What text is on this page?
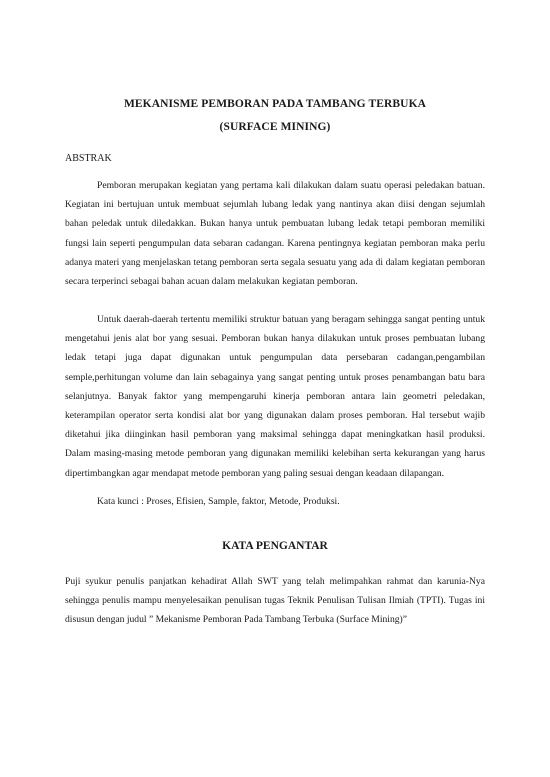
MEKANISME PEMBORAN PADA TAMBANG TERBUKA
(SURFACE MINING)
ABSTRAK

Pemboran merupakan kegiatan yang pertama kali dilakukan dalam suatu operasi peledakan batuan. Kegiatan ini bertujuan untuk membuat sejumlah lubang ledak yang nantinya akan diisi dengan sejumlah bahan peledak untuk diledakkan. Bukan hanya untuk pembuatan lubang ledak tetapi pemboran memiliki fungsi lain seperti pengumpulan data sebaran cadangan. Karena pentingnya kegiatan pemboran maka perlu adanya materi yang menjelaskan tetang pemboran serta segala sesuatu yang ada di dalam kegiatan pemboran secara terperinci sebagai bahan acuan dalam melakukan kegiatan pemboran.

Untuk daerah-daerah tertentu memiliki struktur batuan yang beragam sehingga sangat penting untuk mengetahui jenis alat bor yang sesuai. Pemboran bukan hanya dilakukan untuk proses pembuatan lubang ledak tetapi juga dapat digunakan untuk pengumpulan data persebaran cadangan,pengambilan semple,perhitungan volume dan lain sebagainya yang sangat penting untuk proses penambangan batu bara selanjutnya. Banyak faktor yang mempengaruhi kinerja pemboran antara lain geometri peledakan, keterampilan operator serta kondisi alat bor yang digunakan dalam proses pemboran. Hal tersebut wajib diketahui jika diinginkan hasil pemboran yang maksimal sehingga dapat meningkatkan hasil produksi. Dalam masing-masing metode pemboran yang digunakan memiliki kelebihan serta kekurangan yang harus dipertimbangkan agar mendapat metode pemboran yang paling sesuai dengan keadaan dilapangan.

Kata kunci : Proses, Efisien, Sample, faktor, Metode, Produksi.
KATA PENGANTAR

Puji syukur penulis panjatkan kehadirat Allah SWT yang telah melimpahkan rahmat dan karunia-Nya sehingga penulis mampu menyelesaikan penulisan tugas Teknik Penulisan Tulisan Ilmiah (TPTI). Tugas ini disusun dengan judul ” Mekanisme Pemboran Pada Tambang Terbuka (Surface Mining)”
